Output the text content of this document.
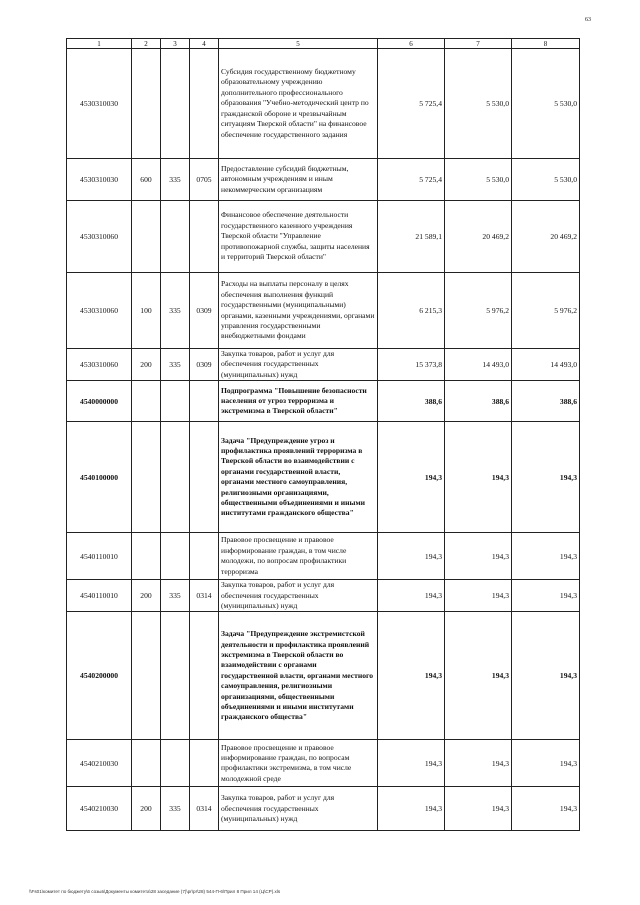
63
1	2	3	4	5	6	7	8
4530310030				Субсидия государственному бюджетному образовательному учреждению дополнительного профессионального образования "Учебно-методический центр по гражданской обороне и чрезвычайным ситуациям Тверской области" на финансовое обеспечение государственного задания	5 725,4	5 530,0	5 530,0
4530310030	600	335	0705	Предоставление субсидий бюджетным, автономным учреждениям и иным некоммерческим организациям	5 725,4	5 530,0	5 530,0
4530310060				Финансовое обеспечение деятельности государственного казенного учреждения Тверской области "Управление противопожарной службы, защиты населения и территорий Тверской области"	21 589,1	20 469,2	20 469,2
4530310060	100	335	0309	Расходы на выплаты персоналу в целях обеспечения выполнения функций государственными (муниципальными) органами, казенными учреждениями, органами управления государственными внебюджетными фондами	6 215,3	5 976,2	5 976,2
4530310060	200	335	0309	Закупка товаров, работ и услуг для обеспечения государственных (муниципальных) нужд	15 373,8	14 493,0	14 493,0
4540000000				Подпрограмма "Повышение безопасности населения от угроз терроризма и экстремизма в Тверской области"	388,6	388,6	388,6
4540100000				Задача "Предупреждение угроз и профилактика проявлений терроризма в Тверской области во взаимодействии с органами государственной власти, органами местного самоуправления, религиозными организациями, общественными объединениями и иными институтами гражданского общества"	194,3	194,3	194,3
4540110010				Правовое просвещение и правовое информирование граждан, в том числе молодежи, по вопросам профилактики терроризма	194,3	194,3	194,3
4540110010	200	335	0314	Закупка товаров, работ и услуг для обеспечения государственных (муниципальных) нужд	194,3	194,3	194,3
4540200000				Задача "Предупреждение экстремистской деятельности и профилактика проявлений экстремизма в Тверской области во взаимодействии с органами государственной власти, органами местного самоуправления, религиозными организациями, общественными объединениями и иными институтами гражданского общества"	194,3	194,3	194,3
4540210030				Правовое просвещение и правовое информирование граждан, по вопросам профилактики экстремизма, в том числе молодежной среде	194,3	194,3	194,3
4540210030	200	335	0314	Закупка товаров, работ и услуг для обеспечения государственных (муниципальных) нужд	194,3	194,3	194,3
\\Fs01\комитет по бюджету\6 созыв\Документы комитета\28 заседание (7)\pr\pr\28) 544-П-6\Прил 8 Прил 14 (Ц\СР).xls
